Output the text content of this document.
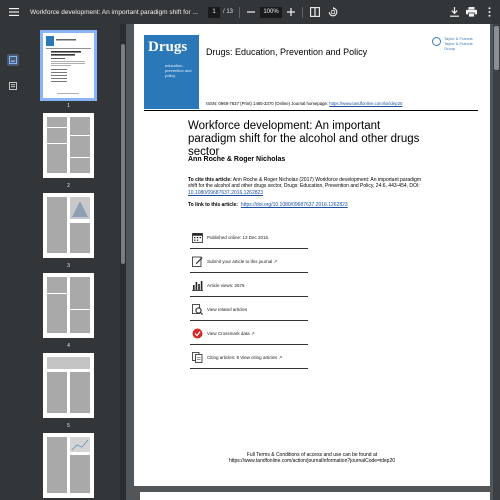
Workforce development: An important paradigm shift for ...	1	/ 13	100%
1
2
3
4
5
6
Drugs
education, prevention and policy
Drugs: Education, Prevention and Policy
Taylor & Francis Taylor & Francis Group
ISSN: 0968-7637 (Print) 1465-3370 (Online) Journal homepage: https://www.tandfonline.com/loi/idep20
Workforce development: An important paradigm shift for the alcohol and other drugs sector
Ann Roche & Roger Nicholas
To cite this article: Ann Roche & Roger Nicholas (2017) Workforce development: An important paradigm shift for the alcohol and other drugs sector, Drugs: Education, Prevention and Policy, 24:6, 443-454, DOI: 10.1080/09687637.2016.1262823
To link to this article: https://doi.org/10.1080/09687637.2016.1262823
Published online: 13 Dec 2016.
Submit your article to this journal ↗
Article views: 2676
View related articles
View Crossmark data ↗
Citing articles: 9 View citing articles ↗
Full Terms & Conditions of access and use can be found at
https://www.tandfonline.com/action/journalInformation?journalCode=idep20
